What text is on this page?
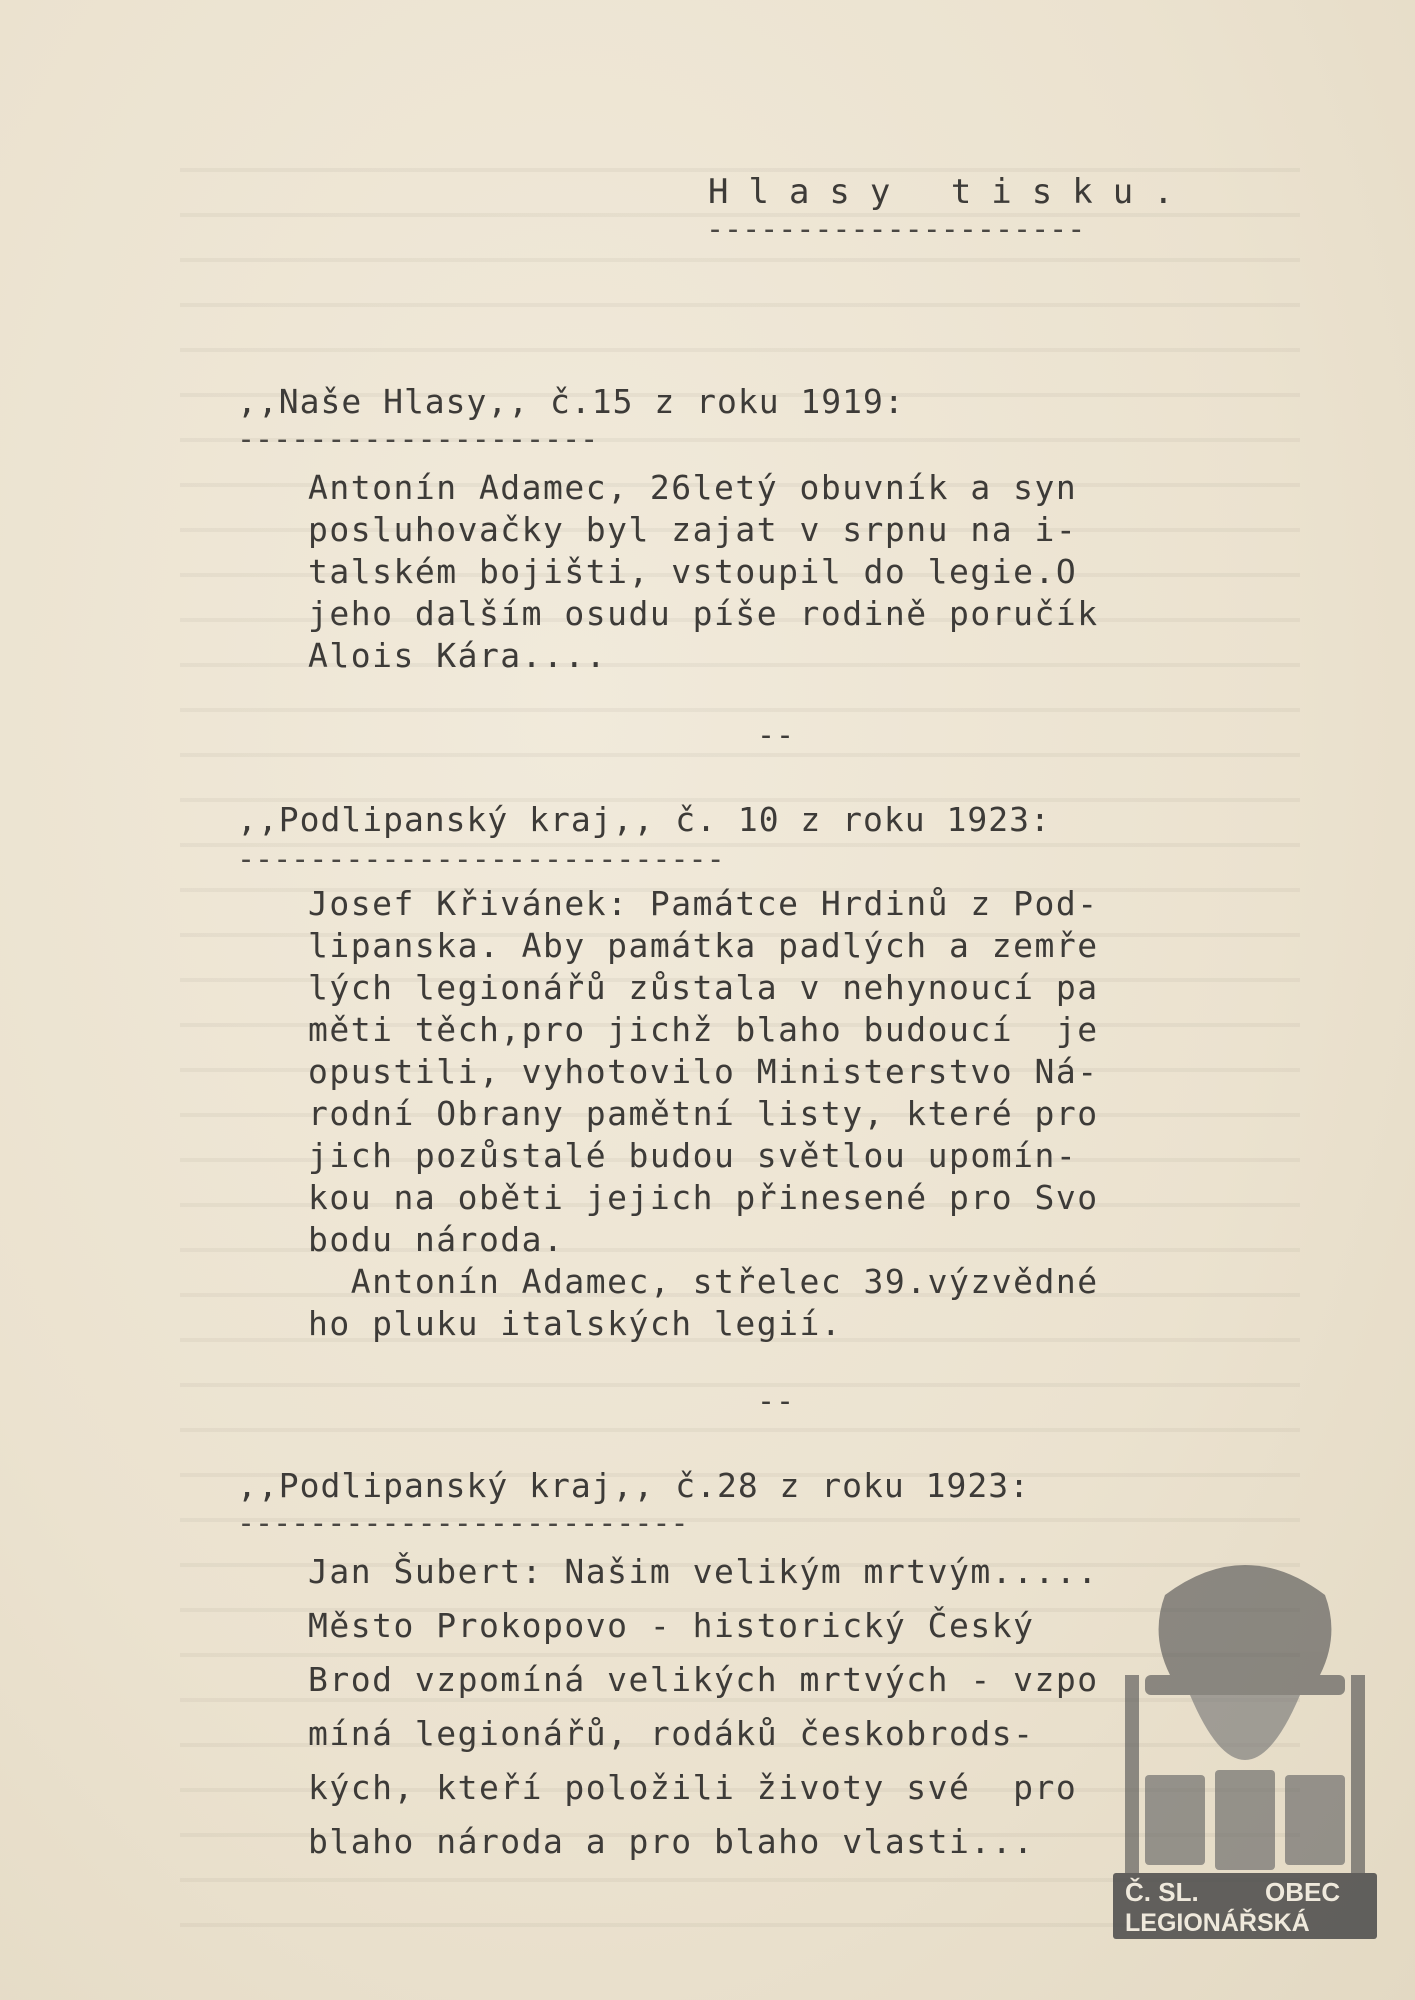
Hlasy tisku.
---------------------
,,Naše Hlasy,, č.15 z roku 1919:
--------------------
Antonín Adamec, 26letý obuvník a syn
posluhovačky byl zajat v srpnu na i-
talském bojišti, vstoupil do legie.O
jeho dalším osudu píše rodině poručík
Alois Kára....
--
,,Podlipanský kraj,, č. 10 z roku 1923:
---------------------------
Josef Křivánek: Památce Hrdinů z Pod-
lipanska. Aby památka padlých a zemře
lých legionářů zůstala v nehynoucí pa
měti těch,pro jichž blaho budoucí  je
opustili, vyhotovilo Ministerstvo Ná-
rodní Obrany pamětní listy, které pro
jich pozůstalé budou světlou upomín-
kou na oběti jejich přinesené pro Svo
bodu národa.
Antonín Adamec, střelec 39.výzvědné
ho pluku italských legií.
--
,,Podlipanský kraj,, č.28 z roku 1923:
-------------------------
Jan Šubert: Našim velikým mrtvým.....
Město Prokopovo - historický Český
Brod vzpomíná velikých mrtvých - vzpo
míná legionářů, rodáků českobrods-
kých, kteří položili životy své  pro
blaho národa a pro blaho vlasti...
Č. SL.	OBEC
LEGIONÁŘSKÁ
